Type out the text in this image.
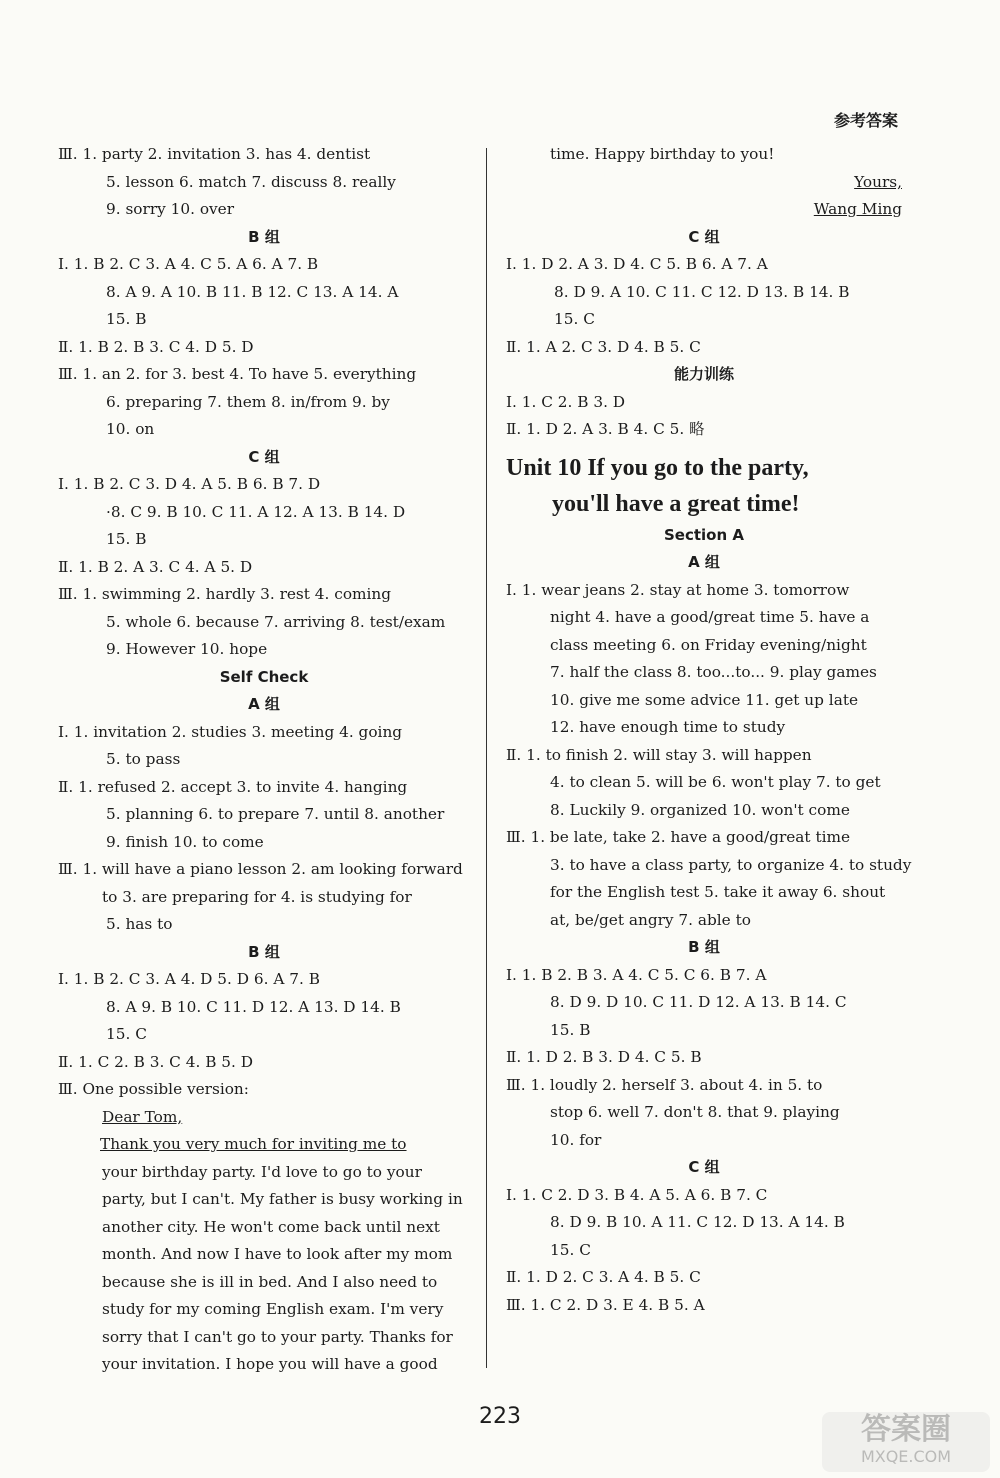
参考答案
Ⅲ. 1. party 2. invitation 3. has 4. dentist
5. lesson 6. match 7. discuss 8. really
9. sorry 10. over
B 组
Ⅰ. 1. B 2. C 3. A 4. C 5. A 6. A 7. B
8. A 9. A 10. B 11. B 12. C 13. A 14. A
15. B
Ⅱ. 1. B 2. B 3. C 4. D 5. D
Ⅲ. 1. an 2. for 3. best 4. To have 5. everything
6. preparing 7. them 8. in/from 9. by
10. on
C 组
Ⅰ. 1. B 2. C 3. D 4. A 5. B 6. B 7. D
·8. C 9. B 10. C 11. A 12. A 13. B 14. D
15. B
Ⅱ. 1. B 2. A 3. C 4. A 5. D
Ⅲ. 1. swimming 2. hardly 3. rest 4. coming
5. whole 6. because 7. arriving 8. test/exam
9. However 10. hope
Self Check
A 组
Ⅰ. 1. invitation 2. studies 3. meeting 4. going
5. to pass
Ⅱ. 1. refused 2. accept 3. to invite 4. hanging
5. planning 6. to prepare 7. until 8. another
9. finish 10. to come
Ⅲ. 1. will have a piano lesson 2. am looking forward
to 3. are preparing for 4. is studying for
5. has to
B 组
Ⅰ. 1. B 2. C 3. A 4. D 5. D 6. A 7. B
8. A 9. B 10. C 11. D 12. A 13. D 14. B
15. C
Ⅱ. 1. C 2. B 3. C 4. B 5. D
Ⅲ. One possible version:
Dear Tom,
Thank you very much for inviting me to
your birthday party. I'd love to go to your
party, but I can't. My father is busy working in
another city. He won't come back until next
month. And now I have to look after my mom
because she is ill in bed. And I also need to
study for my coming English exam. I'm very
sorry that I can't go to your party. Thanks for
your invitation. I hope you will have a good
time. Happy birthday to you!
Yours,
Wang Ming
C 组
Ⅰ. 1. D 2. A 3. D 4. C 5. B 6. A 7. A
8. D 9. A 10. C 11. C 12. D 13. B 14. B
15. C
Ⅱ. 1. A 2. C 3. D 4. B 5. C
能力训练
Ⅰ. 1. C 2. B 3. D
Ⅱ. 1. D 2. A 3. B 4. C 5. 略
Unit 10 If you go to the party,
you'll have a great time!
Section A
A 组
Ⅰ. 1. wear jeans 2. stay at home 3. tomorrow
night 4. have a good/great time 5. have a
class meeting 6. on Friday evening/night
7. half the class 8. too...to... 9. play games
10. give me some advice 11. get up late
12. have enough time to study
Ⅱ. 1. to finish 2. will stay 3. will happen
4. to clean 5. will be 6. won't play 7. to get
8. Luckily 9. organized 10. won't come
Ⅲ. 1. be late, take 2. have a good/great time
3. to have a class party, to organize 4. to study
for the English test 5. take it away 6. shout
at, be/get angry 7. able to
B 组
Ⅰ. 1. B 2. B 3. A 4. C 5. C 6. B 7. A
8. D 9. D 10. C 11. D 12. A 13. B 14. C
15. B
Ⅱ. 1. D 2. B 3. D 4. C 5. B
Ⅲ. 1. loudly 2. herself 3. about 4. in 5. to
stop 6. well 7. don't 8. that 9. playing
10. for
C 组
Ⅰ. 1. C 2. D 3. B 4. A 5. A 6. B 7. C
8. D 9. B 10. A 11. C 12. D 13. A 14. B
15. C
Ⅱ. 1. D 2. C 3. A 4. B 5. C
Ⅲ. 1. C 2. D 3. E 4. B 5. A
223	答案圈
MXQE.COM
